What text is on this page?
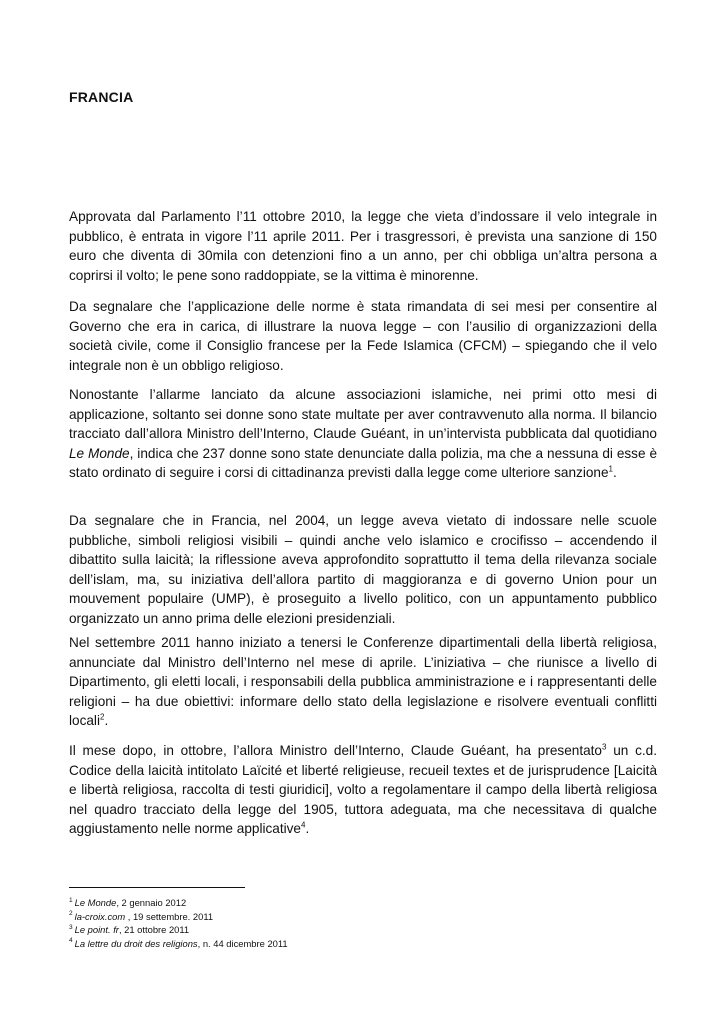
FRANCIA

Approvata dal Parlamento l’11 ottobre 2010, la legge che vieta d’indossare il velo integrale in pubblico, è entrata in vigore l’11 aprile 2011. Per i trasgressori, è prevista una sanzione di 150 euro che diventa di 30mila con detenzioni fino a un anno, per chi obbliga un’altra persona a coprirsi il volto; le pene sono raddoppiate, se la vittima è minorenne.

Da segnalare che l’applicazione delle norme è stata rimandata di sei mesi per consentire al Governo che era in carica, di illustrare la nuova legge – con l’ausilio di organizzazioni della società civile, come il Consiglio francese per la Fede Islamica (CFCM) – spiegando che il velo integrale non è un obbligo religioso.

Nonostante l’allarme lanciato da alcune associazioni islamiche, nei primi otto mesi di applicazione, soltanto sei donne sono state multate per aver contravvenuto alla norma. Il bilancio tracciato dall’allora Ministro dell’Interno, Claude Guéant, in un’intervista pubblicata dal quotidiano Le Monde, indica che 237 donne sono state denunciate dalla polizia, ma che a nessuna di esse è stato ordinato di seguire i corsi di cittadinanza previsti dalla legge come ulteriore sanzione$^1$.

Da segnalare che in Francia, nel 2004, un legge aveva vietato di indossare nelle scuole pubbliche, simboli religiosi visibili – quindi anche velo islamico e crocifisso – accendendo il dibattito sulla laicità; la riflessione aveva approfondito soprattutto il tema della rilevanza sociale dell’islam, ma, su iniziativa dell’allora partito di maggioranza e di governo Union pour un mouvement populaire (UMP), è proseguito a livello politico, con un appuntamento pubblico organizzato un anno prima delle elezioni presidenziali.

Nel settembre 2011 hanno iniziato a tenersi le Conferenze dipartimentali della libertà religiosa, annunciate dal Ministro dell’Interno nel mese di aprile. L’iniziativa – che riunisce a livello di Dipartimento, gli eletti locali, i responsabili della pubblica amministrazione e i rappresentanti delle religioni – ha due obiettivi: informare dello stato della legislazione e risolvere eventuali conflitti locali$^2$.

Il mese dopo, in ottobre, l’allora Ministro dell’Interno, Claude Guéant, ha presentato$^3$ un c.d. Codice della laicità intitolato Laïcité et liberté religieuse, recueil textes et de jurisprudence [Laicità e libertà religiosa, raccolta di testi giuridici], volto a regolamentare il campo della libertà religiosa nel quadro tracciato della legge del 1905, tuttora adeguata, ma che necessitava di qualche aggiustamento nelle norme applicative$^4$.

$^1$ Le Monde, 2 gennaio 2012
$^2$ la-croix.com , 19 settembre. 2011
$^3$ Le point. fr, 21 ottobre 2011
$^4$ La lettre du droit des religions, n. 44 dicembre 2011
